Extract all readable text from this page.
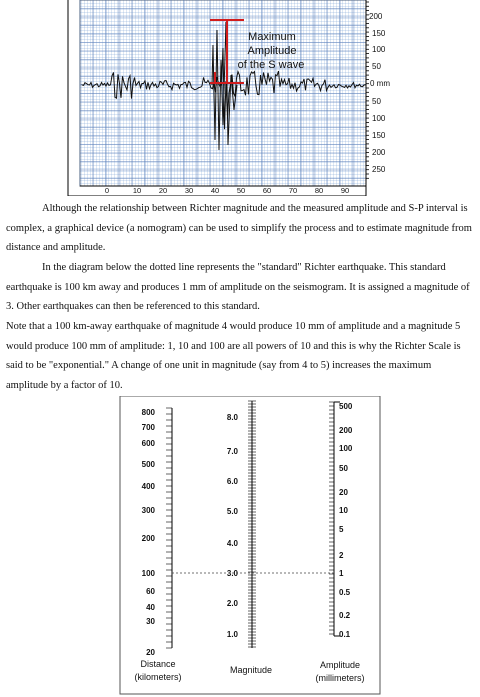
Maximum
Amplitude
of the S wave
200
150
100
50
0 mm
50
100
150
200
250
0	10 20 30 40 50 60 70 80 90

Although the relationship between Richter magnitude and the measured amplitude and S-P interval is complex, a graphical device (a nomogram) can be used to simplify the process and to estimate magnitude from distance and amplitude.

In the diagram below the dotted line represents the "standard" Richter earthquake. This standard earthquake is 100 km away and produces 1 mm of amplitude on the seismogram. It is assigned a magnitude of 3. Other earthquakes can then be referenced to this standard.

Note that a 100 km-away earthquake of magnitude 4 would produce 10 mm of amplitude and a magnitude 5 would produce 100 mm of amplitude: 1, 10 and 100 are all powers of 10 and this is why the Richter Scale is said to be "exponential." A change of one unit in magnitude (say from 4 to 5) increases the maximum amplitude by a factor of 10.

800
700
600
500
400
300
200
100
60
40
30
20
8.0
7.0
6.0
5.0
4.0
3.0
2.0
1.0
500
200
100
50
20
10
5
2
1
0.5
0.2
0.1
Distance
(kilometers)
Magnitude	Amplitude
(millimeters)
